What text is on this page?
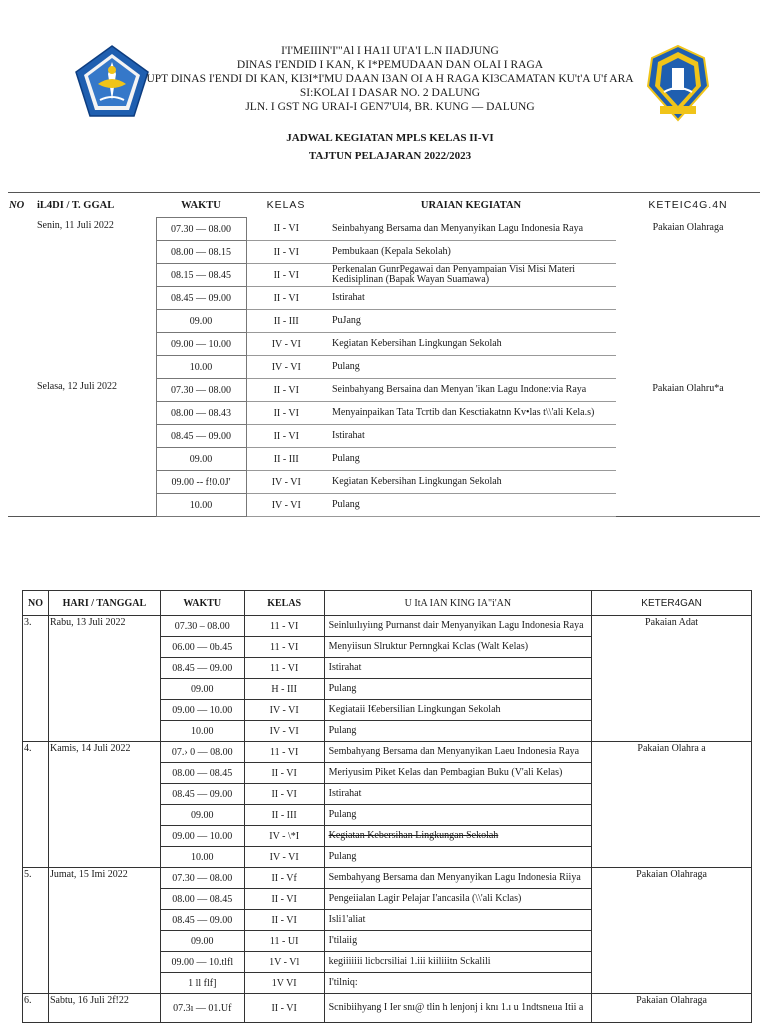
I'I'MEIIIN'I'"Al I HA1I UI'A'I L.N IIADJUNG
DINAS I'ENDID I KAN, K I*PEMUDAAN DAN OLAI I RAGA
UPT DINAS I'ENDI DI KAN, KI3I*I'MU DAAN I3AN OI A H RAGA KI3CAMATAN KU't'A U'f ARA
SI:KOLAI I DASAR NO. 2 DALUNG
JLN. I GST NG URAI-I GEN7'Ul4, BR. KUNG — DALUNG
JADWAL KEGIATAN MPLS KELAS II-VI
TAJTUN PELAJARAN 2022/2023
NO	iL4DI / T. GGAL	WAKTU	KELAS	URAIAN KEGIATAN	KETEIC4G.4N
	Senin, 11 Juli 2022	07.30 — 08.00	II - VI	Seinbahyang Bersama dan Menyanyikan Lagu Indonesia Raya	Pakaian Olahraga
		08.00 — 08.15	II - VI	Pembukaan (Kepala Sekolah)	
		08.15 — 08.45	II - VI	Perkenalan GunrPegawai dan Penyampaian Visi Misi Materi Kedisiplinan (Bapak Wayan Suamawa)	
		08.45 — 09.00	II - VI	Istirahat	
		09.00	II - III	PuJang	
		09.00 — 10.00	IV - VI	Kegiatan Kebersihan Lingkungan Sekolah	
		10.00	IV - VI	Pulang	
	Selasa, 12 Juli 2022	07.30 — 08.00	II - VI	Seinbahyang Bersaina dan Menyan 'ikan Lagu Indone:via Raya	Pakaian Olahru*a
		08.00 — 08.43	II - VI	Menyainpaikan Tata Tcrtib dan Kesctiakatnn Kv•las t\\'ali Kela.s)	
		08.45 — 09.00	II - VI	Istirahat	
		09.00	II - III	Pulang	
		09.00 -- f!0.0J'	IV - VI	Kegiatan Kebersihan Lingkungan Sekolah	
		10.00	IV - VI	Pulang	
NO	HARI / TANGGAL	WAKTU	KELAS	U ItA IAN KING IA"i'AN	KETER4GAN
3.	Rabu, 13 Juli 2022	07.30 – 08.00	11 - VI	Seinluılıyiıng Purnanst dair Menyanyikan Lagu Indonesia Raya	Pakaian Adat
		06.00 — 0b.45	11 - VI	Menyiisun Slruktur Pernngkai Kclas (Walt Kelas)	
		08.45 — 09.00	11 - VI	Istirahat	
		09.00	H - III	Pulang	
		09.00 — 10.00	IV - VI	Kegiataii I€ebersilian Lingkungan Sekolah	
		10.00	IV - VI	Pulang	
4.	Kamis, 14 Juli 2022	07.› 0 — 08.00	11 - VI	Sembahyang Bersama dan Menyanyikan Laeu Indonesia Raya	Pakaian Olahra a
		08.00 — 08.45	II - VI	Meriyusim Piket Kelas dan Pembagian Buku (V'ali Kelas)	
		08.45 — 09.00	II - VI	Istirahat	
		09.00	II - III	Pulang	
		09.00 — 10.00	IV - \*I	Kegiatan Kebersihan Lingkungan Sekolah	
		10.00	IV - VI	Pulang	
5.	Jumat, 15 Imi 2022	07.30 — 08.00	II - Vf	Sembahyang Bersama dan Menyanyikan Lagu Indonesia Riiya	Pakaian Olahraga
		08.00 — 08.45	II - VI	Pengeiialan Lagir Pelajar I'ancasila (\\'ali Kclas)	
		08.45 — 09.00	II - VI	Isli1'aliat	
		09.00	11 - UI	I'tilaiig	
		09.00 — 10.tlfl	1V - Vl	kegiiiiiii licbcrsiliai 1.iii kiiliiitn Sckalili	
		1 ll flf]	1V VI	I'tilniq:	
6.	Sabtu, 16 Juli 2f!22	07.3ı — 01.Uf	II - VI	Scnibiihyang I Ier snı@ tlin h lenjonj i knı 1.ı u 1ndtsneııa Itii a	Pakaian Olahraga
